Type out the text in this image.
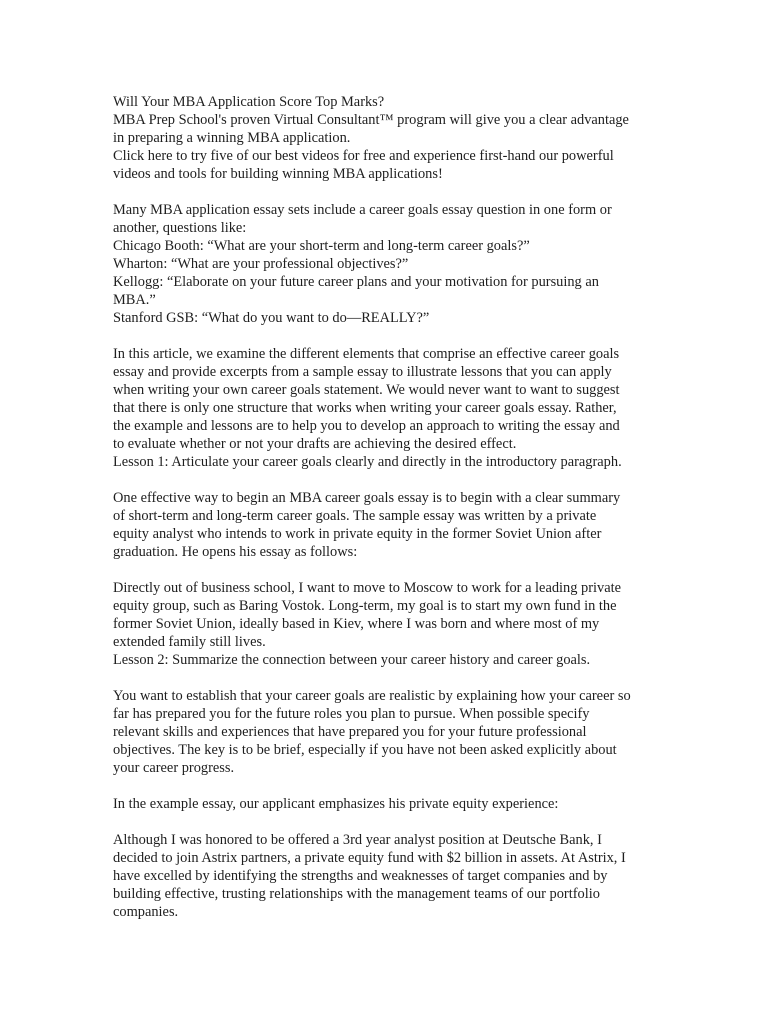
Will Your MBA Application Score Top Marks?
MBA Prep School's proven Virtual Consultant™ program will give you a clear advantage
in preparing a winning MBA application.
Click here to try five of our best videos for free and experience first-hand our powerful
videos and tools for building winning MBA applications!
Many MBA application essay sets include a career goals essay question in one form or
another, questions like:
Chicago Booth: “What are your short-term and long-term career goals?”
Wharton: “What are your professional objectives?”
Kellogg: “Elaborate on your future career plans and your motivation for pursuing an
MBA.”
Stanford GSB: “What do you want to do—REALLY?”
In this article, we examine the different elements that comprise an effective career goals
essay and provide excerpts from a sample essay to illustrate lessons that you can apply
when writing your own career goals statement. We would never want to want to suggest
that there is only one structure that works when writing your career goals essay. Rather,
the example and lessons are to help you to develop an approach to writing the essay and
to evaluate whether or not your drafts are achieving the desired effect.
Lesson 1: Articulate your career goals clearly and directly in the introductory paragraph.
One effective way to begin an MBA career goals essay is to begin with a clear summary
of short-term and long-term career goals. The sample essay was written by a private
equity analyst who intends to work in private equity in the former Soviet Union after
graduation. He opens his essay as follows:
Directly out of business school, I want to move to Moscow to work for a leading private
equity group, such as Baring Vostok. Long-term, my goal is to start my own fund in the
former Soviet Union, ideally based in Kiev, where I was born and where most of my
extended family still lives.
Lesson 2: Summarize the connection between your career history and career goals.
You want to establish that your career goals are realistic by explaining how your career so
far has prepared you for the future roles you plan to pursue. When possible specify
relevant skills and experiences that have prepared you for your future professional
objectives. The key is to be brief, especially if you have not been asked explicitly about
your career progress.
In the example essay, our applicant emphasizes his private equity experience:
Although I was honored to be offered a 3rd year analyst position at Deutsche Bank, I
decided to join Astrix partners, a private equity fund with $2 billion in assets. At Astrix, I
have excelled by identifying the strengths and weaknesses of target companies and by
building effective, trusting relationships with the management teams of our portfolio
companies.
